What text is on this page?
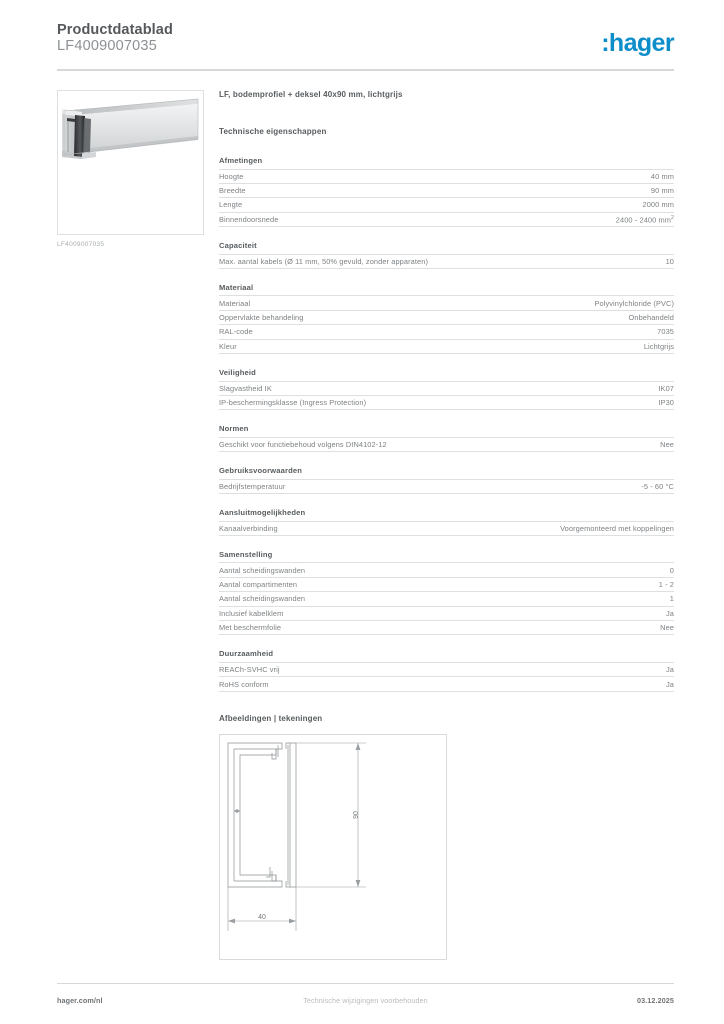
Productdatablad
LF4009007035	:hager
LF4009007035
LF, bodemprofiel + deksel 40x90 mm, lichtgrijs
Technische eigenschappen
Afmetingen
Hoogte	40 mm
Breedte	90 mm
Lengte	2000 mm
Binnendoorsnede	2400 - 2400 $mm^2$
Capaciteit
Max. aantal kabels (Ø 11 mm, 50% gevuld, zonder apparaten)	10
Materiaal
Materiaal	Polyvinylchloride (PVC)
Oppervlakte behandeling	Onbehandeld
RAL-code	7035
Kleur	Lichtgrijs
Veiligheid
Slagvastheid IK	IK07
IP-beschermingsklasse (Ingress Protection)	IP30
Normen
Geschikt voor functiebehoud volgens DIN4102-12	Nee
Gebruiksvoorwaarden
Bedrijfstemperatuur	-5 - 60 °C
Aansluitmogelijkheden
Kanaalverbinding	Voorgemonteerd met koppelingen
Samenstelling
Aantal scheidingswanden	0
Aantal compartimenten	1 - 2
Aantal scheidingswanden	1
Inclusief kabelklem	Ja
Met beschermfolie	Nee
Duurzaamheid
REACh-SVHC vrij	Ja
RoHS conform	Ja
Afbeeldingen | tekeningen
40
90
hager.com/nl	Technische wijzigingen voorbehouden	03.12.2025
